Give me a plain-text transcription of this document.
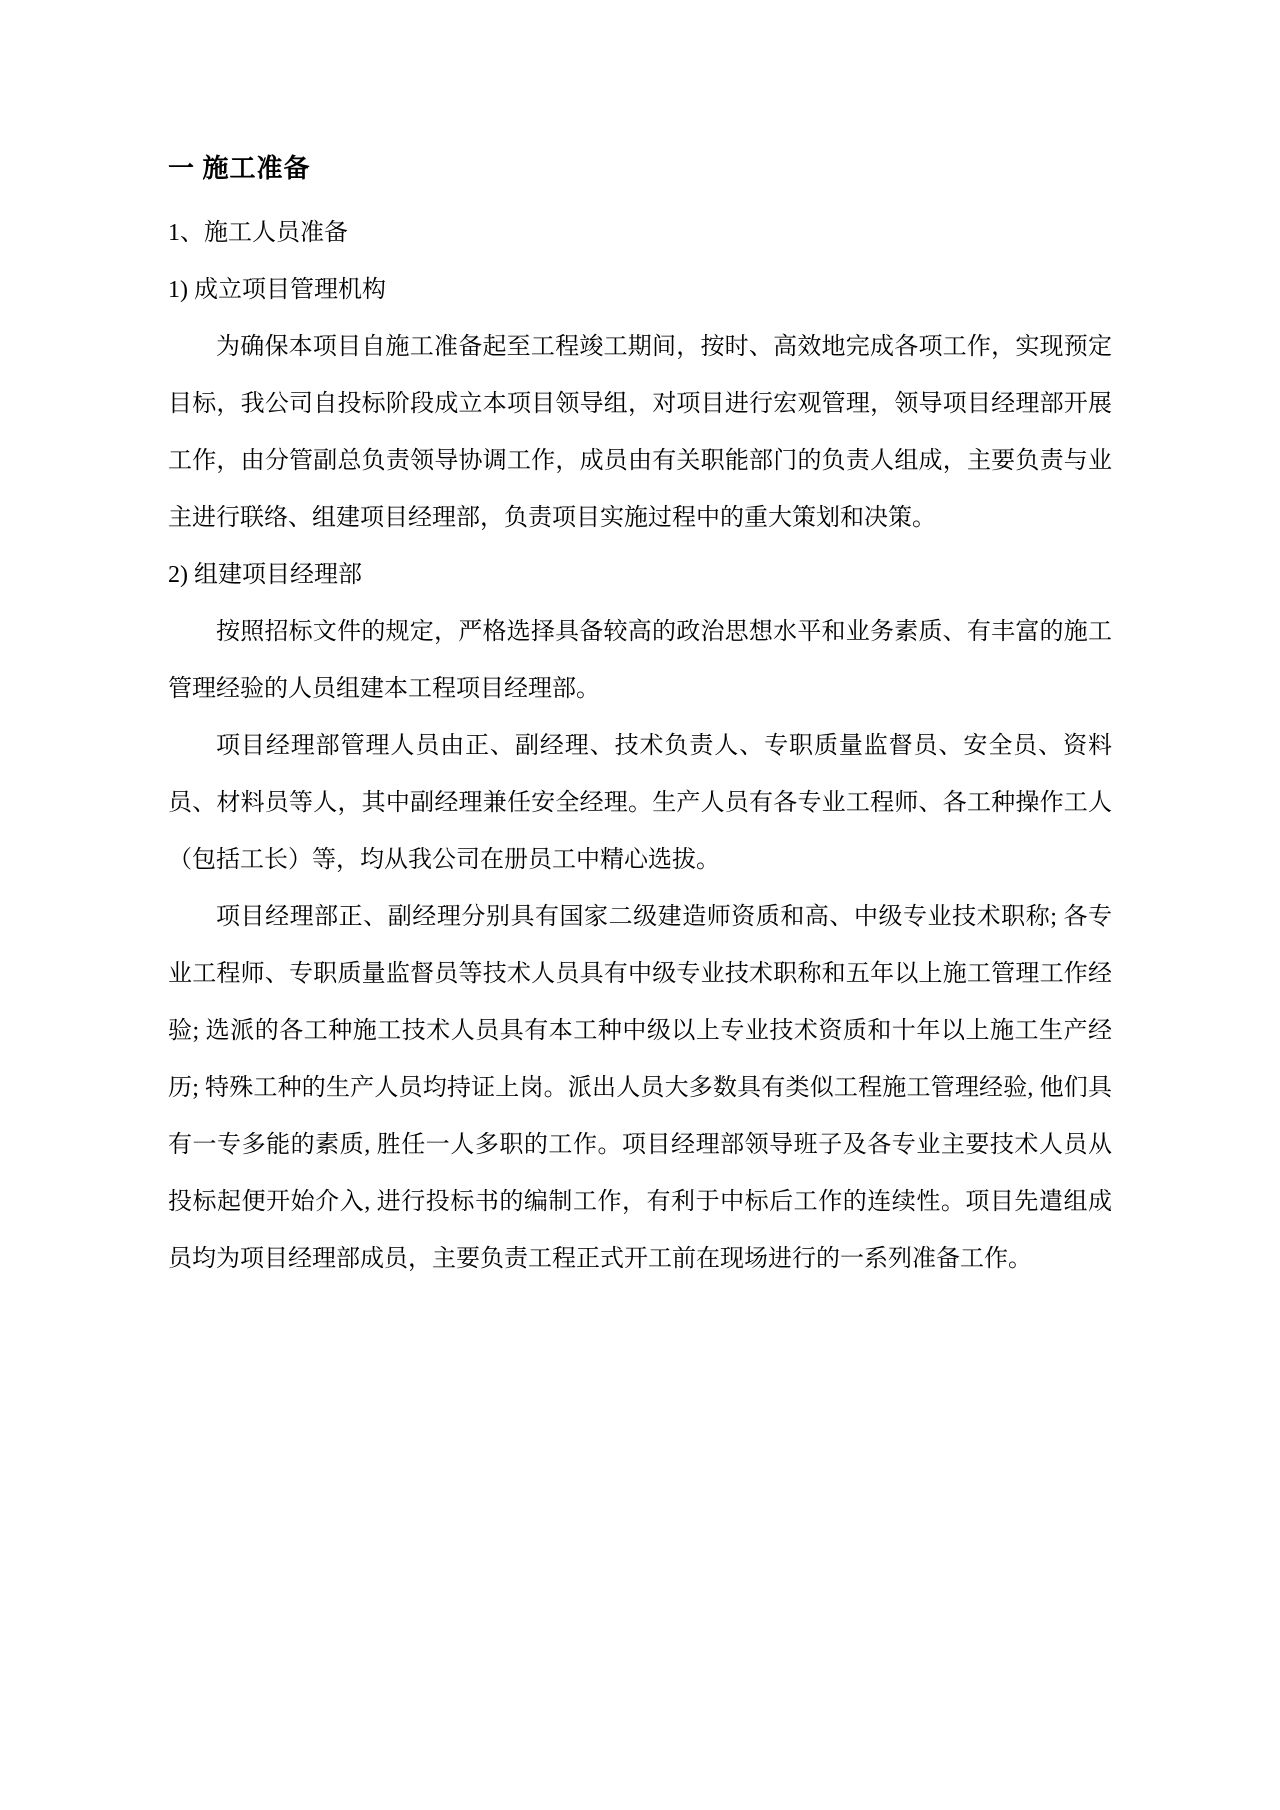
一 施工准备

1、施工人员准备

1) 成立项目管理机构

为确保本项目自施工准备起至工程竣工期间，按时、高效地完成各项工作，实现预定目标，我公司自投标阶段成立本项目领导组，对项目进行宏观管理，领导项目经理部开展工作，由分管副总负责领导协调工作，成员由有关职能部门的负责人组成，主要负责与业主进行联络、组建项目经理部，负责项目实施过程中的重大策划和决策。

2) 组建项目经理部

按照招标文件的规定，严格选择具备较高的政治思想水平和业务素质、有丰富的施工管理经验的人员组建本工程项目经理部。

项目经理部管理人员由正、副经理、技术负责人、专职质量监督员、安全员、资料员、材料员等人，其中副经理兼任安全经理。生产人员有各专业工程师、各工种操作工人（包括工长）等，均从我公司在册员工中精心选拔。

项目经理部正、副经理分别具有国家二级建造师资质和高、中级专业技术职称; 各专业工程师、专职质量监督员等技术人员具有中级专业技术职称和五年以上施工管理工作经验; 选派的各工种施工技术人员具有本工种中级以上专业技术资质和十年以上施工生产经历; 特殊工种的生产人员均持证上岗。派出人员大多数具有类似工程施工管理经验, 他们具有一专多能的素质, 胜任一人多职的工作。项目经理部领导班子及各专业主要技术人员从投标起便开始介入, 进行投标书的编制工作，有利于中标后工作的连续性。项目先遣组成员均为项目经理部成员，主要负责工程正式开工前在现场进行的一系列准备工作。
